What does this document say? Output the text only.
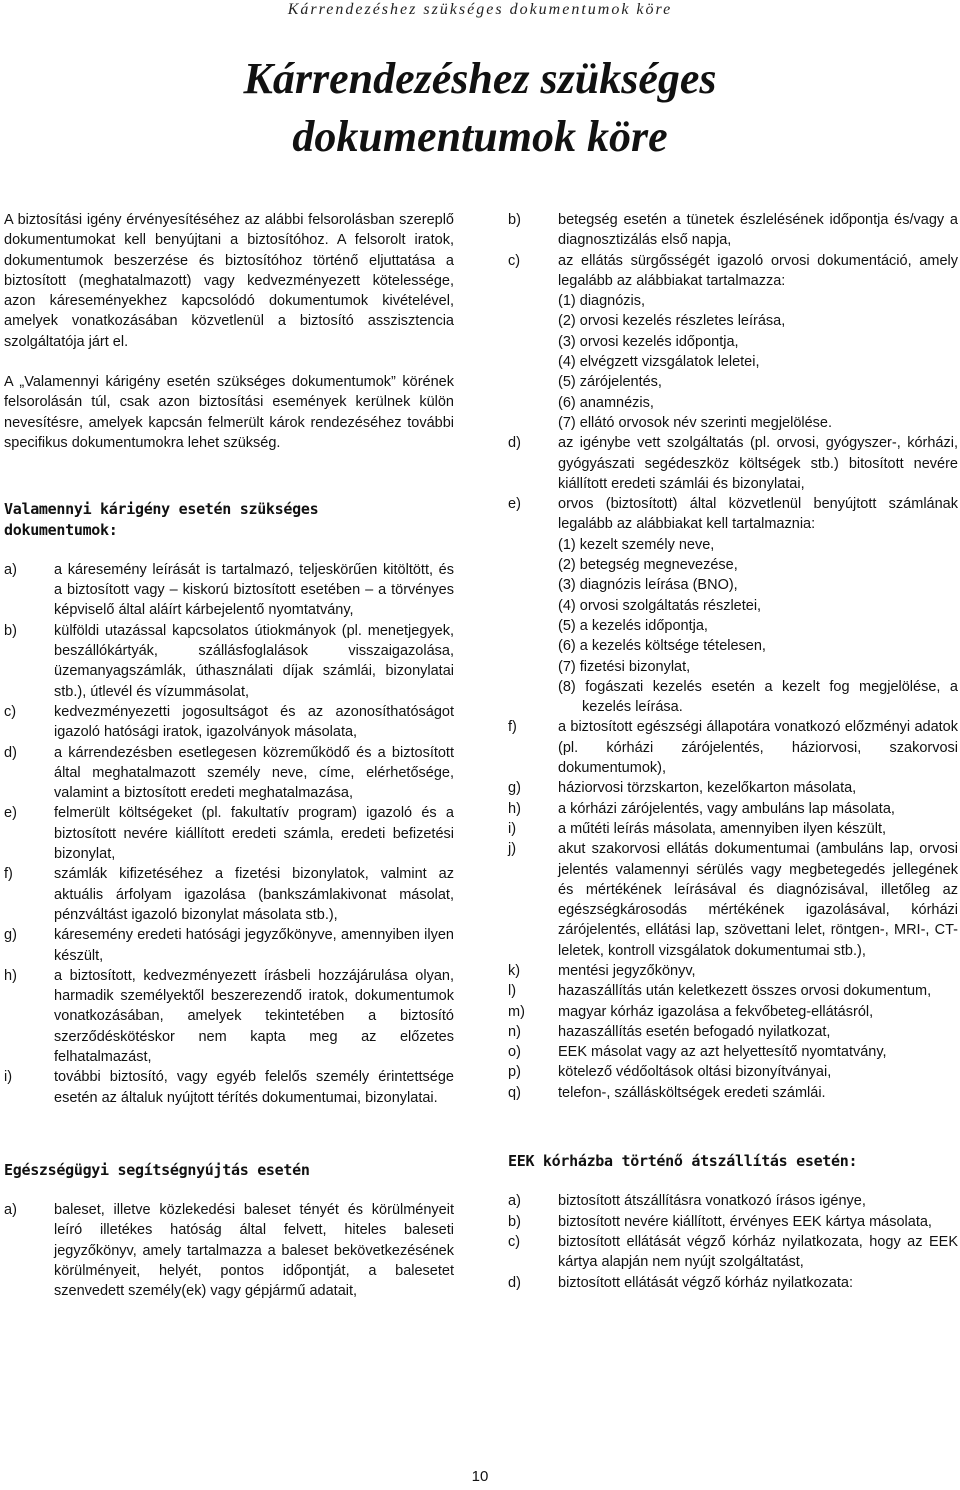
Kárrendezéshez szükséges dokumentumok köre
Kárrendezéshez szükséges
dokumentumok köre

A biztosítási igény érvényesítéséhez az alábbi felsorolásban szereplő dokumentumokat kell benyújtani a biztosítóhoz. A felsorolt iratok, dokumentumok beszerzése és biztosítóhoz történő eljuttatása a biztosított (meghatalmazott) vagy kedvezményezett kötelessége, azon káreseményekhez kapcsolódó dokumentumok kivételével, amelyek vonatkozásában közvetlenül a biztosító asszisztencia szolgáltatója járt el.

A „Valamennyi kárigény esetén szükséges dokumentumok” körének felsorolásán túl, csak azon biztosítási események kerülnek külön nevesítésre, amelyek kapcsán felmerült károk rendezéséhez további specifikus dokumentumokra lehet szükség.

Valamennyi kárigény esetén szükséges
dokumentumok:
a)	a káresemény leírását is tartalmazó, teljeskörűen kitöltött, és a biztosított vagy – kiskorú biztosított esetében – a törvényes képviselő által aláírt kárbejelentő nyomtatvány,
b)	külföldi utazással kapcsolatos útiokmányok (pl. menetjegyek, beszállókártyák, szállásfoglalások visszaigazolása, üzemanyagszámlák, úthasználati díjak számlái, bizonylatai stb.), útlevél és vízummásolat,
c)	kedvezményezetti jogosultságot és az azonosíthatóságot igazoló hatósági iratok, igazolványok másolata,
d)	a kárrendezésben esetlegesen közreműködő és a biztosított által meghatalmazott személy neve, címe, elérhetősége, valamint a biztosított eredeti meghatalmazása,
e)	felmerült költségeket (pl. fakultatív program) igazoló és a biztosított nevére kiállított eredeti számla, eredeti befizetési bizonylat,
f)	számlák kifizetéséhez a fizetési bizonylatok, valmint az aktuális árfolyam igazolása (bankszámlakivonat másolat, pénzváltást igazoló bizonylat másolata stb.),
g)	káresemény eredeti hatósági jegyzőkönyve, amennyiben ilyen készült,
h)	a biztosított, kedvezményezett írásbeli hozzájárulása olyan, harmadik személyektől beszerezendő iratok, dokumentumok vonatkozásában, amelyek tekintetében a biztosító szerződéskötéskor nem kapta meg az előzetes felhatalmazást,
i)	további biztosító, vagy egyéb felelős személy érintettsége esetén az általuk nyújtott térítés dokumentumai, bizonylatai.
Egészségügyi segítségnyújtás esetén
a)	baleset, illetve közlekedési baleset tényét és körülményeit leíró illetékes hatóság által felvett, hiteles baleseti jegyzőkönyv, amely tartalmazza a baleset bekövetkezésének körülményeit, helyét, pontos időpontját, a balesetet szenvedett személy(ek) vagy gépjármű adatait,
b)	betegség esetén a tünetek észlelésének időpontja és/vagy a diagnosztizálás első napja,
c)	az ellátás sürgősségét igazoló orvosi dokumentáció, amely legalább az alábbiakat tartalmazza:
(1) diagnózis,
(2) orvosi kezelés részletes leírása,
(3) orvosi kezelés időpontja,
(4) elvégzett vizsgálatok leletei,
(5) zárójelentés,
(6) anamnézis,
(7) ellátó orvosok név szerinti megjelölése.
d)	az igénybe vett szolgáltatás (pl. orvosi, gyógyszer-, kórházi, gyógyászati segédeszköz költségek stb.) bitosított nevére kiállított eredeti számlái és bizonylatai,
e)	orvos (biztosított) által közvetlenül benyújtott számlának legalább az alábbiakat kell tartalmaznia:
(1) kezelt személy neve,
(2) betegség megnevezése,
(3) diagnózis leírása (BNO),
(4) orvosi szolgáltatás részletei,
(5) a kezelés időpontja,
(6) a kezelés költsége tételesen,
(7) fizetési bizonylat,
(8) fogászati kezelés esetén a kezelt fog megjelölése, a kezelés leírása.
f)	a biztosított egészségi állapotára vonatkozó előzményi adatok (pl. kórházi zárójelentés, háziorvosi, szakorvosi dokumentumok),
g)	háziorvosi törzskarton, kezelőkarton másolata,
h)	a kórházi zárójelentés, vagy ambuláns lap másolata,
i)	a műtéti leírás másolata, amennyiben ilyen készült,
j)	akut szakorvosi ellátás dokumentumai (ambuláns lap, orvosi jelentés valamennyi sérülés vagy megbetegedés jellegének és mértékének leírásával és diagnózisával, illetőleg az egészségkárosodás mértékének igazolásával, kórházi zárójelentés, ellátási lap, szövettani lelet, röntgen-, MRI-, CT-leletek, kontroll vizsgálatok dokumentumai stb.),
k)	mentési jegyzőkönyv,
l)	hazaszállítás után keletkezett összes orvosi dokumentum,
m)	magyar kórház igazolása a fekvőbeteg-ellátásról,
n)	hazaszállítás esetén befogadó nyilatkozat,
o)	EEK másolat vagy az azt helyettesítő nyomtatvány,
p)	kötelező védőoltások oltási bizonyítványai,
q)	telefon-, szállásköltségek eredeti számlái.
EEK kórházba történő átszállítás esetén:
a)	biztosított átszállításra vonatkozó írásos igénye,
b)	biztosított nevére kiállított, érvényes EEK kártya másolata,
c)	biztosított ellátását végző kórház nyilatkozata, hogy az EEK kártya alapján nem nyújt szolgáltatást,
d)	biztosított ellátását végző kórház nyilatkozata:
10
